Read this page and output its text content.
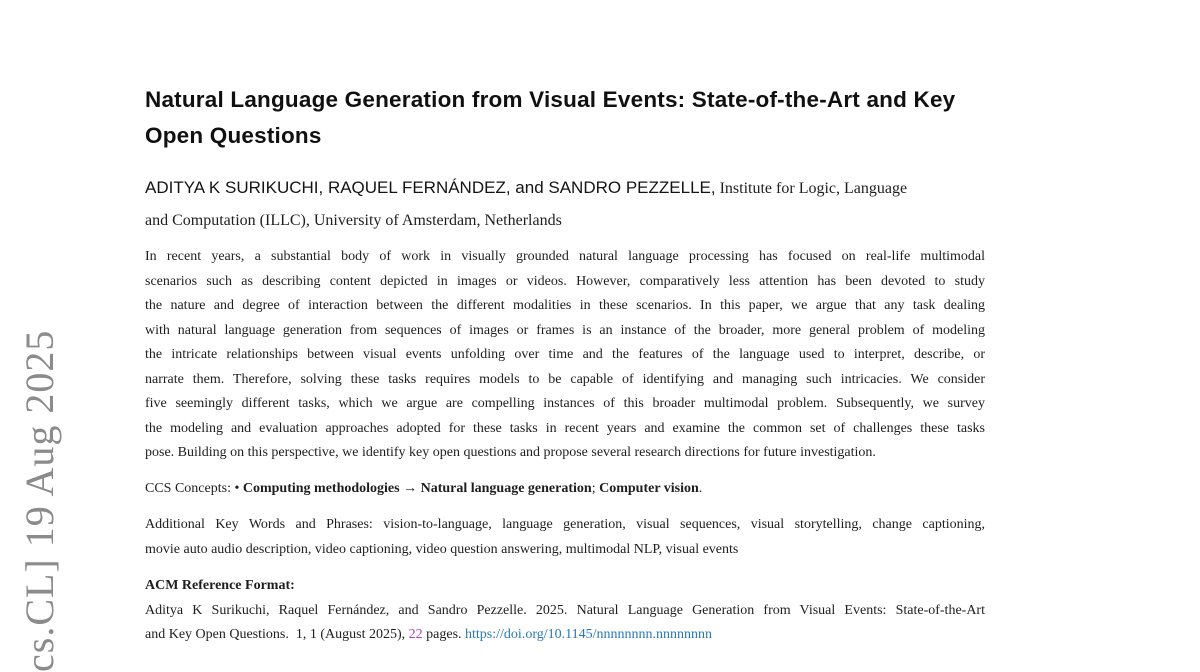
cs.CL] 19 Aug 2025
Natural Language Generation from Visual Events: State-of-the-Art and Key
Open Questions
ADITYA K SURIKUCHI, RAQUEL FERNÁNDEZ, and SANDRO PEZZELLE, Institute for Logic, Language
and Computation (ILLC), University of Amsterdam, Netherlands
In recent years, a substantial body of work in visually grounded natural language processing has focused on real-life multimodal
scenarios such as describing content depicted in images or videos. However, comparatively less attention has been devoted to study
the nature and degree of interaction between the different modalities in these scenarios. In this paper, we argue that any task dealing
with natural language generation from sequences of images or frames is an instance of the broader, more general problem of modeling
the intricate relationships between visual events unfolding over time and the features of the language used to interpret, describe, or
narrate them. Therefore, solving these tasks requires models to be capable of identifying and managing such intricacies. We consider
five seemingly different tasks, which we argue are compelling instances of this broader multimodal problem. Subsequently, we survey
the modeling and evaluation approaches adopted for these tasks in recent years and examine the common set of challenges these tasks
pose. Building on this perspective, we identify key open questions and propose several research directions for future investigation.
CCS Concepts: • Computing methodologies → Natural language generation; Computer vision.
Additional Key Words and Phrases: vision-to-language, language generation, visual sequences, visual storytelling, change captioning,
movie auto audio description, video captioning, video question answering, multimodal NLP, visual events
ACM Reference Format:
Aditya K Surikuchi, Raquel Fernández, and Sandro Pezzelle. 2025. Natural Language Generation from Visual Events: State-of-the-Art
and Key Open Questions.  1, 1 (August 2025), 22 pages. https://doi.org/10.1145/nnnnnnnn.nnnnnnnn
